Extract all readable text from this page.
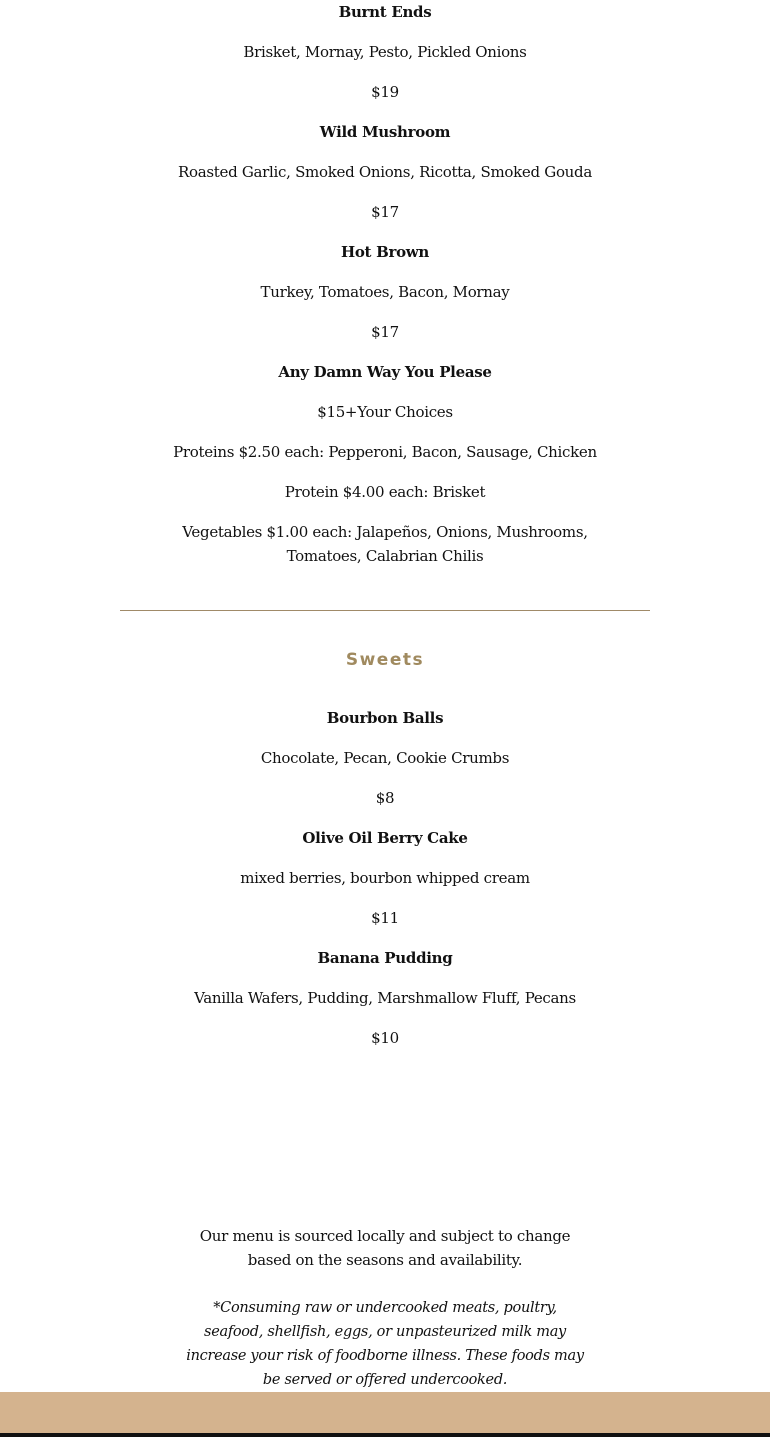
Burnt Ends
Brisket, Mornay, Pesto, Pickled Onions
$19
Wild Mushroom
Roasted Garlic, Smoked Onions, Ricotta, Smoked Gouda
$17
Hot Brown
Turkey, Tomatoes, Bacon, Mornay
$17
Any Damn Way You Please
$15+Your Choices
Proteins $2.50 each: Pepperoni, Bacon, Sausage, Chicken
Protein $4.00 each: Brisket
Vegetables $1.00 each: Jalapeños, Onions, Mushrooms, Tomatoes, Calabrian Chilis
Sweets
Bourbon Balls
Chocolate, Pecan, Cookie Crumbs
$8
Olive Oil Berry Cake
mixed berries, bourbon whipped cream
$11
Banana Pudding
Vanilla Wafers, Pudding, Marshmallow Fluff, Pecans
$10
Our menu is sourced locally and subject to change based on the seasons and availability.
*Consuming raw or undercooked meats, poultry, seafood, shellfish, eggs, or unpasteurized milk may increase your risk of foodborne illness. These foods may be served or offered undercooked.
